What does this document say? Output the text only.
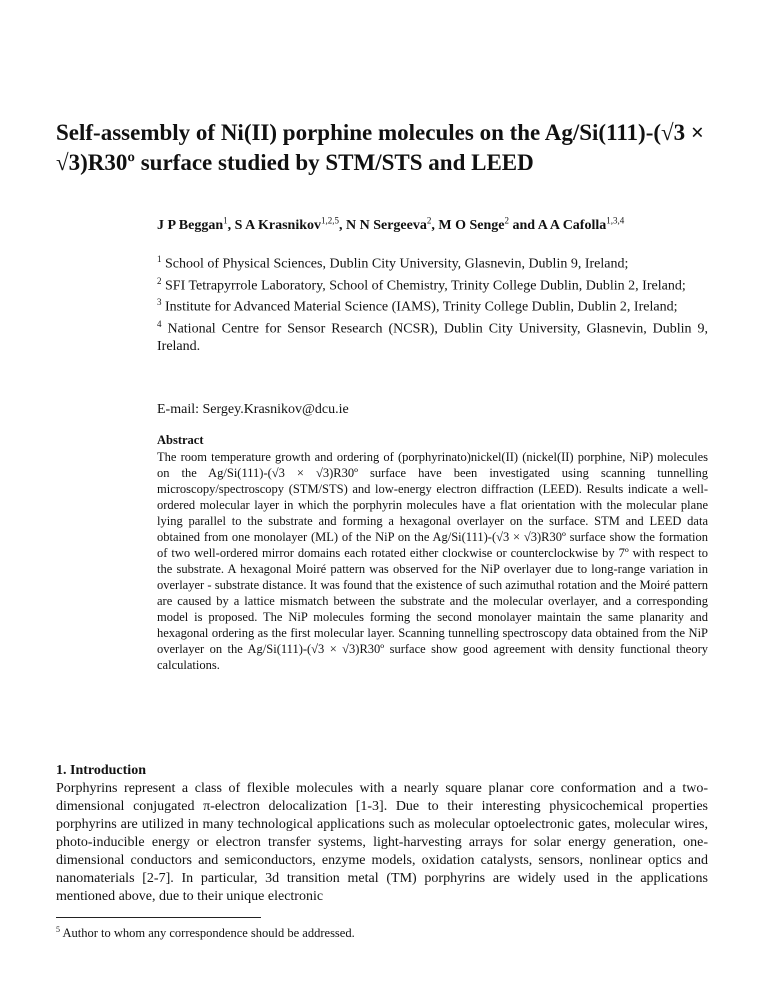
Self-assembly of Ni(II) porphine molecules on the Ag/Si(111)-(√3 × √3)R30º surface studied by STM/STS and LEED

J P Beggan$^1$, S A Krasnikov$^{1,2,5}$, N N Sergeeva$^2$, M O Senge$^2$ and A A Cafolla$^{1,3,4}$

$^1$ School of Physical Sciences, Dublin City University, Glasnevin, Dublin 9, Ireland;

$^2$ SFI Tetrapyrrole Laboratory, School of Chemistry, Trinity College Dublin, Dublin 2, Ireland;

$^3$ Institute for Advanced Material Science (IAMS), Trinity College Dublin, Dublin 2, Ireland;

$^4$ National Centre for Sensor Research (NCSR), Dublin City University, Glasnevin, Dublin 9, Ireland.

E-mail: Sergey.Krasnikov@dcu.ie

Abstract

The room temperature growth and ordering of (porphyrinato)nickel(II) (nickel(II) porphine, NiP) molecules on the Ag/Si(111)-(√3 × √3)R30º surface have been investigated using scanning tunnelling microscopy/spectroscopy (STM/STS) and low-energy electron diffraction (LEED). Results indicate a well-ordered molecular layer in which the porphyrin molecules have a flat orientation with the molecular plane lying parallel to the substrate and forming a hexagonal overlayer on the surface. STM and LEED data obtained from one monolayer (ML) of the NiP on the Ag/Si(111)-(√3 × √3)R30º surface show the formation of two well-ordered mirror domains each rotated either clockwise or counterclockwise by 7º with respect to the substrate. A hexagonal Moiré pattern was observed for the NiP overlayer due to long-range variation in overlayer - substrate distance. It was found that the existence of such azimuthal rotation and the Moiré pattern are caused by a lattice mismatch between the substrate and the molecular overlayer, and a corresponding model is proposed. The NiP molecules forming the second monolayer maintain the same planarity and hexagonal ordering as the first molecular layer. Scanning tunnelling spectroscopy data obtained from the NiP overlayer on the Ag/Si(111)-(√3 × √3)R30º surface show good agreement with density functional theory calculations.

1. Introduction

Porphyrins represent a class of flexible molecules with a nearly square planar core conformation and a two-dimensional conjugated π-electron delocalization [1-3]. Due to their interesting physicochemical properties porphyrins are utilized in many technological applications such as molecular optoelectronic gates, molecular wires, photo-inducible energy or electron transfer systems, light-harvesting arrays for solar energy generation, one-dimensional conductors and semiconductors, enzyme models, oxidation catalysts, sensors, nonlinear optics and nanomaterials [2-7]. In particular, 3d transition metal (TM) porphyrins are widely used in the applications mentioned above, due to their unique electronic

$^5$ Author to whom any correspondence should be addressed.
